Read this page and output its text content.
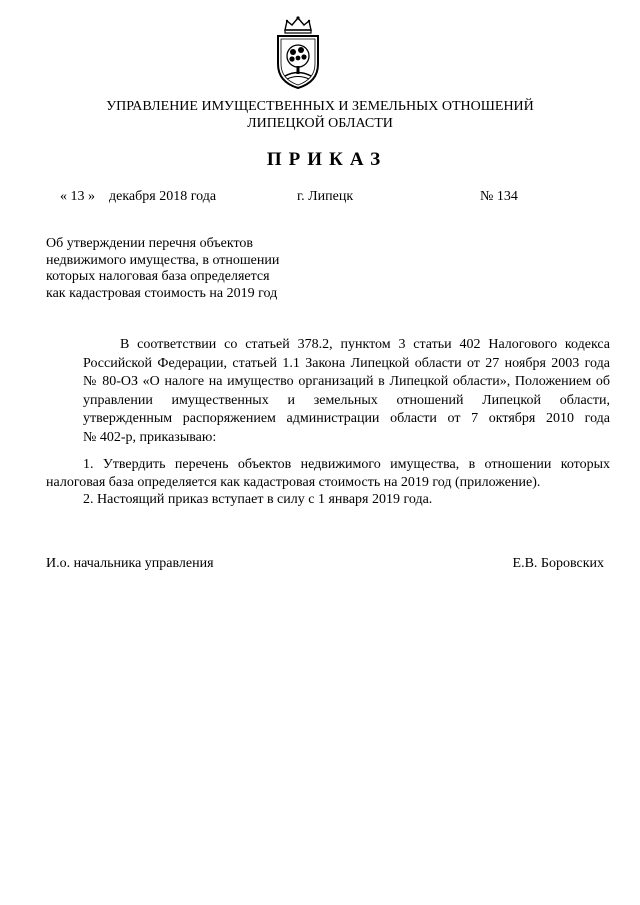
УПРАВЛЕНИЕ ИМУЩЕСТВЕННЫХ И ЗЕМЕЛЬНЫХ ОТНОШЕНИЙ
ЛИПЕЦКОЙ ОБЛАСТИ
ПРИКАЗ
« 13 » декабря 2018 года	г. Липецк	№ 134
Об утверждении перечня объектов
недвижимого имущества, в отношении
которых налоговая база определяется
как кадастровая стоимость на 2019 год
В соответствии со статьей 378.2, пунктом 3 статьи 402 Налогового кодекса
Российской Федерации, статьей 1.1 Закона Липецкой области от 27 ноября 2003 года
№ 80-ОЗ «О налоге на имущество организаций в Липецкой области», Положением об
управлении имущественных и земельных отношений Липецкой области,
утвержденным распоряжением администрации области от 7 октября 2010 года
№ 402-р, приказываю:
1. Утвердить перечень объектов недвижимого имущества, в отношении которых
налоговая база определяется как кадастровая стоимость на 2019 год (приложение).
2. Настоящий приказ вступает в силу с 1 января 2019 года.
И.о. начальника управления	Е.В. Боровских
